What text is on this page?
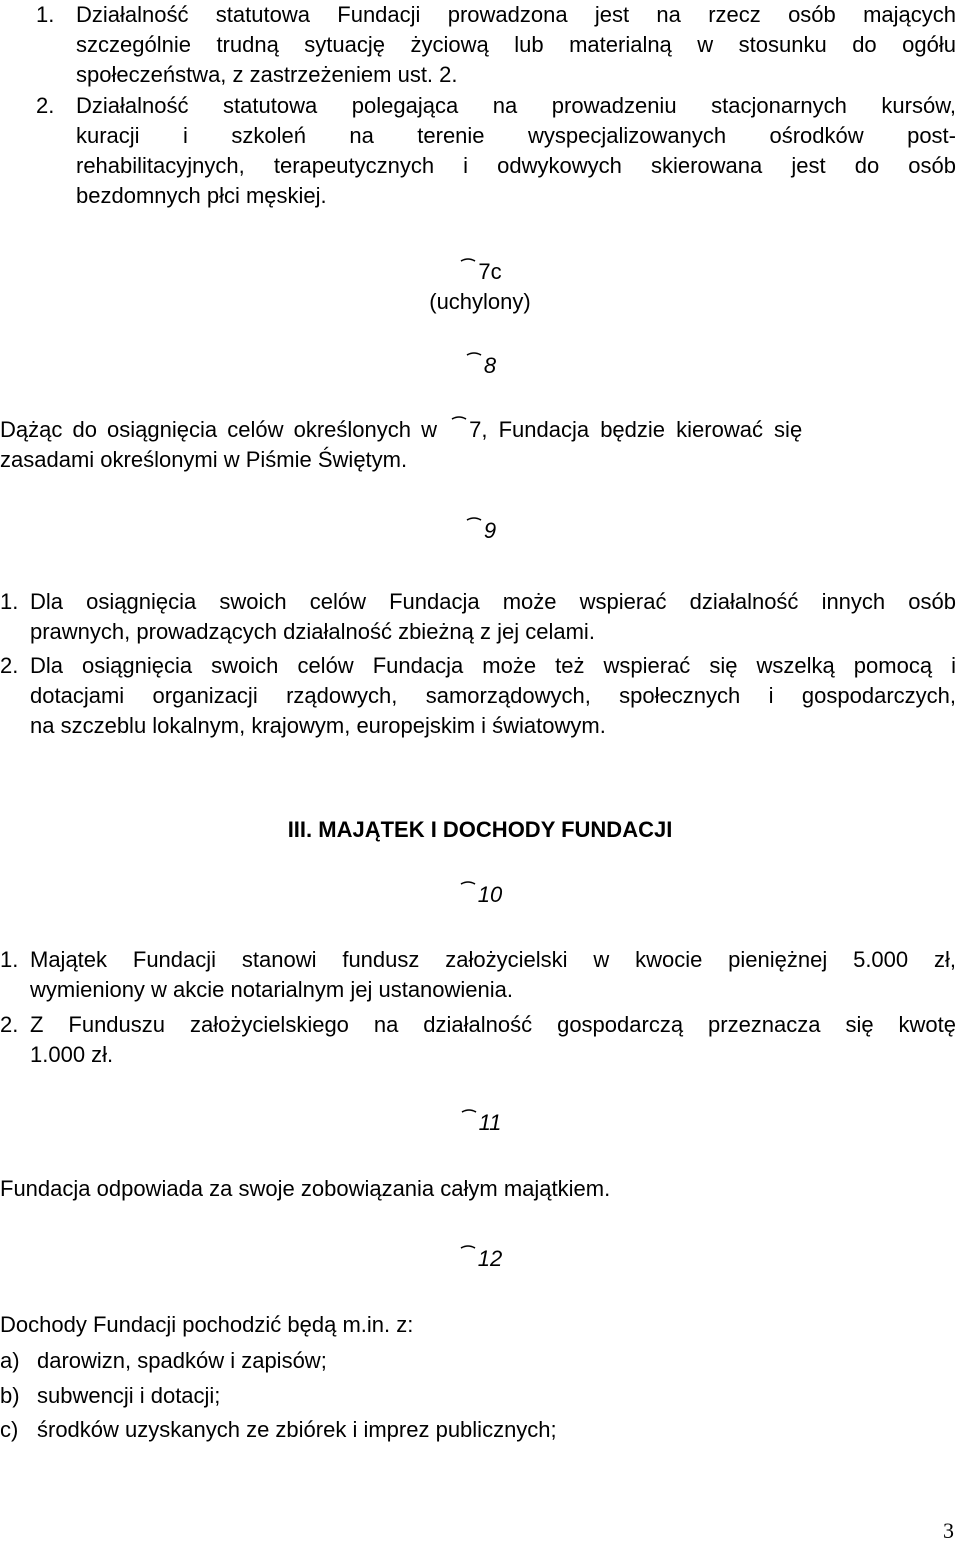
1. Działalność statutowa Fundacji prowadzona jest na rzecz osób mających
szczególnie trudną sytuację życiową lub materialną w stosunku do ogółu
społeczeństwa, z zastrzeżeniem ust. 2.
2. Działalność statutowa polegająca na prowadzeniu stacjonarnych kursów,
kuracji i szkoleń na terenie wyspecjalizowanych ośrodków post-
rehabilitacyjnych, terapeutycznych i odwykowych skierowana jest do osób
bezdomnych płci męskiej.
7c
(uchylony)
8
Dążąc do osiągnięcia celów określonych w 7, Fundacja będzie kierować się
zasadami określonymi w Piśmie Świętym.
9
1. Dla osiągnięcia swoich celów Fundacja może wspierać działalność innych osób
prawnych, prowadzących działalność zbieżną z jej celami.
2. Dla osiągnięcia swoich celów Fundacja może też wspierać się wszelką pomocą i
dotacjami organizacji rządowych, samorządowych, społecznych i gospodarczych,
na szczeblu lokalnym, krajowym, europejskim i światowym.
III. MAJĄTEK I DOCHODY FUNDACJI
10
1. Majątek Fundacji stanowi fundusz założycielski w kwocie pieniężnej 5.000 zł,
wymieniony w akcie notarialnym jej ustanowienia.
2. Z Funduszu założycielskiego na działalność gospodarczą przeznacza się kwotę
1.000 zł.
11
Fundacja odpowiada za swoje zobowiązania całym majątkiem.
12
Dochody Fundacji pochodzić będą m.in. z:
a) darowizn, spadków i zapisów;
b) subwencji i dotacji;
c) środków uzyskanych ze zbiórek i imprez publicznych;
3
